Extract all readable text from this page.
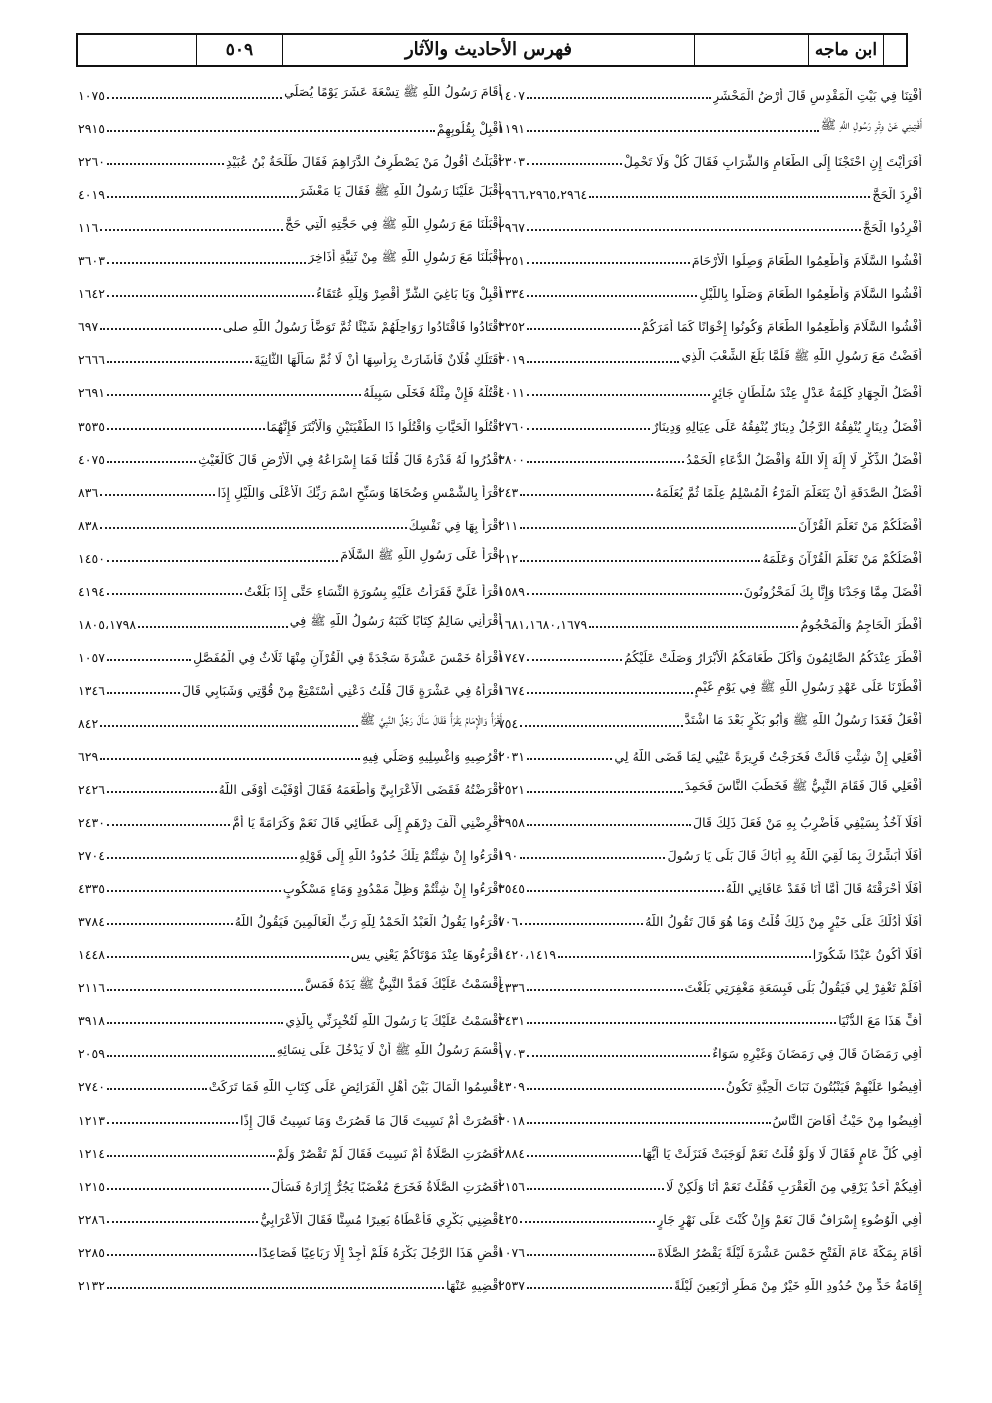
ابن ماجه
فهرس الأحاديث والآثار
٥٠٩
أَفْتِنَا فِي بَيْتِ الْمَقْدِسِ قَالَ أَرْضُ الْمَحْشَرِ
١٤٠٧
أَفْتِينِي عَنْ وِتْرِ رَسُولِ اللَّهِ ﷺ
١١٩١
أَفَرَأَيْتَ إِنِ احْتَجْنَا إِلَى الطَّعَامِ وَالشَّرَابِ فَقَالَ كُلْ وَلَا تَحْمِلْ
٢٣٠٣
أَفْرِدَ الْحَجَّ
٢٩٦٦،٢٩٦٥،٢٩٦٤
أَفْرِدُوا الْحَجَّ
٢٩٦٧
أَفْشُوا السَّلَامَ وَأَطْعِمُوا الطَّعَامَ وَصِلُوا الْأَرْحَامَ
٣٢٥١
أَفْشُوا السَّلَامَ وَأَطْعِمُوا الطَّعَامَ وَصَلُّوا بِاللَّيْلِ
١٣٣٤
أَفْشُوا السَّلَامَ وَأَطْعِمُوا الطَّعَامَ وَكُونُوا إِخْوَانًا كَمَا أَمَرَكُمْ
٣٢٥٢
أَفَضْتُ مَعَ رَسُولِ اللَّهِ ﷺ فَلَمَّا بَلَغَ الشِّعْبَ الَّذِي
٣٠١٩
أَفْضَلُ الْجِهَادِ كَلِمَةُ عَدْلٍ عِنْدَ سُلْطَانٍ جَائِرٍ
٤٠١١
أَفْضَلُ دِينَارٍ يُنْفِقُهُ الرَّجُلُ دِينَارٌ يُنْفِقُهُ عَلَى عِيَالِهِ وَدِينَارٌ
٢٧٦٠
أَفْضَلُ الذِّكْرِ لَا إِلَهَ إِلَّا اللَّهُ وَأَفْضَلُ الدُّعَاءِ الْحَمْدُ
٣٨٠٠
أَفْضَلُ الصَّدَقَةِ أَنْ يَتَعَلَّمَ الْمَرْءُ الْمُسْلِمُ عِلْمًا ثُمَّ يُعَلِّمَهُ
٢٤٣
أَفْضَلُكُمْ مَنْ تَعَلَّمَ الْقُرْآنَ
٢١١
أَفْضَلُكُمْ مَنْ تَعَلَّمَ الْقُرْآنَ وَعَلَّمَهُ
٢١٢
أَفْضَلَ مِمَّا وَجَدْنَا وَإِنَّا بِكَ لَمَحْزُونُونَ
١٥٨٩
أَفْطَرَ الْحَاجِمُ وَالْمَحْجُومُ
١٦٨١،١٦٨٠،١٦٧٩
أَفْطَرَ عِنْدَكُمُ الصَّائِمُونَ وَأَكَلَ طَعَامَكُمُ الْأَبْرَارُ وَصَلَّتْ عَلَيْكُمُ
١٧٤٧
أَفْطَرْنَا عَلَى عَهْدِ رَسُولِ اللَّهِ ﷺ فِي يَوْمِ غَيْمٍ
١٦٧٤
أَفْعَلُ فَغَدَا رَسُولُ اللَّهِ ﷺ وَأَبُو بَكْرٍ بَعْدَ مَا اشْتَدَّ
٧٥٤
أَفْعَلِي إِنْ شِئْتِ قَالَتْ فَخَرَجْتُ قَرِيرَةً عَيْنِي لِمَا قَضَى اللَّهُ لِي
٢٠٣١
أَفْعَلِي قَالَ فَقَامَ النَّبِيُّ ﷺ فَخَطَبَ النَّاسَ فَحَمِدَ
٢٥٢١
أَفَلَا آخُذُ بِسَيْفِي فَأَضْرِبُ بِهِ مَنْ فَعَلَ ذَلِكَ قَالَ
٣٩٥٨
أَفَلَا أُبَشِّرُكَ بِمَا لَقِيَ اللَّهُ بِهِ أَبَاكَ قَالَ بَلَى يَا رَسُولَ
١٩٠
أَفَلَا أَحْرَقْتَهُ قَالَ أَمَّا أَنَا فَقَدْ عَافَانِي اللَّهُ
٣٥٤٥
أَفَلَا أَدُلُّكَ عَلَى خَيْرٍ مِنْ ذَلِكَ قُلْتُ وَمَا هُوَ قَالَ تَقُولُ اللَّهُ
٧٠٦
أَفَلَا أَكُونُ عَبْدًا شَكُورًا
١٤٢٠،١٤١٩
أَفَلَمْ تَغْفِرْ لِي فَيَقُولُ بَلَى فَبِسَعَةِ مَغْفِرَتِي بَلَغْتَ
٤٣٣٦
أُفٍّ هَذَا مَعَ الدُّنْيَا
٣٤٣١
أَفِي رَمَضَانَ قَالَ فِي رَمَضَانَ وَغَيْرِهِ سَوَاءٌ
١٧٠٣
أَفِيضُوا عَلَيْهِمْ فَيَنْبُتُونَ نَبَاتَ الْحِبَّةِ تَكُونُ
٤٣٠٩
أَفِيضُوا مِنْ حَيْثُ أَفَاضَ النَّاسُ
٣٠١٨
أَفِي كُلِّ عَامٍ فَقَالَ لَا وَلَوْ قُلْتُ نَعَمْ لَوَجَبَتْ فَنَزَلَتْ يَا أَيُّهَا
٢٨٨٤
أَفِيكُمْ أَحَدٌ يَرْقِي مِنَ الْعَقْرَبِ فَقُلْتُ نَعَمْ أَنَا وَلَكِنْ لَا
٢١٥٦
أَفِي الْوُضُوءِ إِسْرَافٌ قَالَ نَعَمْ وَإِنْ كُنْتَ عَلَى نَهْرٍ جَارٍ
٤٢٥
أَقَامَ بِمَكَّةَ عَامَ الْفَتْحِ خَمْسَ عَشْرَةَ لَيْلَةً يَقْصُرُ الصَّلَاةَ
١٠٧٦
إِقَامَةُ حَدٍّ مِنْ حُدُودِ اللَّهِ خَيْرٌ مِنْ مَطَرِ أَرْبَعِينَ لَيْلَةً
٢٥٣٧
أَقَامَ رَسُولُ اللَّهِ ﷺ تِسْعَةَ عَشَرَ يَوْمًا يُصَلِّي
١٠٧٥
أَقْبِلْ بِقُلُوبِهِمْ
٢٩١٥
أَقْبَلْتُ أَقُولُ مَنْ يَصْطَرِفُ الدَّرَاهِمَ فَقَالَ طَلْحَةُ بْنُ عُبَيْدِ
٢٢٦٠
أَقْبَلَ عَلَيْنَا رَسُولُ اللَّهِ ﷺ فَقَالَ يَا مَعْشَرَ
٤٠١٩
أَقْبَلْنَا مَعَ رَسُولِ اللَّهِ ﷺ فِي حَجَّتِهِ الَّتِي حَجَّ
١١٦
أَقْبَلْنَا مَعَ رَسُولِ اللَّهِ ﷺ مِنْ ثَنِيَّةِ أَذَاخِرَ
٣٦٠٣
أَقْبِلْ وَيَا بَاغِيَ الشَّرِّ أَقْصِرْ وَلِلَّهِ عُتَقَاءُ
١٦٤٢
اقْتَادُوا فَاقْتَادُوا رَوَاحِلَهُمْ شَيْئًا ثُمَّ تَوَضَّأَ رَسُولُ اللَّهِ صلى
٦٩٧
أَقَتَلَكِ فُلَانٌ فَأَشَارَتْ بِرَأْسِهَا أَنْ لَا ثُمَّ سَأَلَهَا الثَّانِيَةَ
٢٦٦٦
اقْتُلْهُ فَإِنْ مِثْلَهُ فَخَلَّى سَبِيلَهُ
٢٦٩١
اقْتُلُوا الْحَيَّاتِ وَاقْتُلُوا ذَا الطُّفْيَتَيْنِ وَالْأَبْتَرَ فَإِنَّهُمَا
٣٥٣٥
اقْدُرُوا لَهُ قَدْرَهُ قَالَ قُلْنَا فَمَا إِسْرَاعُهُ فِي الْأَرْضِ قَالَ كَالْغَيْثِ
٤٠٧٥
اقْرَأْ بِالشَّمْسِ وَضُحَاهَا وَسَبِّحِ اسْمَ رَبِّكَ الْأَعْلَى وَاللَّيْلِ إِذَا
٨٣٦
اقْرَأْ بِهَا فِي نَفْسِكَ
٨٣٨
اقْرَأْ عَلَى رَسُولِ اللَّهِ ﷺ السَّلَامَ
١٤٥٠
اقْرَأْ عَلَيَّ فَقَرَأْتُ عَلَيْهِ بِسُورَةِ النِّسَاءِ حَتَّى إِذَا بَلَغْتُ
٤١٩٤
أَقْرَأَنِي سَالِمٌ كِتَابًا كَتَبَهُ رَسُولُ اللَّهِ ﷺ فِي
١٨٠٥،١٧٩٨
أَقْرَأَهُ خَمْسَ عَشْرَةَ سَجْدَةً فِي الْقُرْآنِ مِنْهَا ثَلَاثٌ فِي الْمُفَصَّلِ
١٠٥٧
اقْرَأْهُ فِي عَشْرَةٍ قَالَ قُلْتُ دَعْنِي أَسْتَمْتِعْ مِنْ قُوَّتِي وَشَبَابِي قَالَ
١٣٤٦
أَقْرَأُ وَالْإِمَامُ يَقْرَأُ فَقَالَ سَأَلَ رَجُلٌ النَّبِيَّ ﷺ
٨٤٢
اقْرُصِيهِ وَاغْسِلِيهِ وَصَلِّي فِيهِ
٦٢٩
أَقْرَضْتُهُ فَقَضَى الْأَعْرَابِيَّ وَأَطْعَمَهُ فَقَالَ أَوْفَيْتَ أَوْفَى اللَّهُ
٢٤٢٦
أَقْرِضْنِي أَلْفَ دِرْهَمٍ إِلَى عَطَائِي قَالَ نَعَمْ وَكَرَامَةً يَا أُمَّ
٢٤٣٠
اقْرَءُوا إِنْ شِئْتُمْ تِلْكَ حُدُودُ اللَّهِ إِلَى قَوْلِهِ
٢٧٠٤
اقْرَءُوا إِنْ شِئْتُمْ وَظِلٍّ مَمْدُودٍ وَمَاءٍ مَسْكُوبٍ
٤٣٣٥
اقْرَءُوا يَقُولُ الْعَبْدُ الْحَمْدُ لِلَّهِ رَبِّ الْعَالَمِينَ فَيَقُولُ اللَّهُ
٣٧٨٤
اقْرَءُوهَا عِنْدَ مَوْتَاكُمْ يَعْنِي يس
١٤٤٨
أَقْسَمْتُ عَلَيْكَ فَمَدَّ النَّبِيُّ ﷺ يَدَهُ فَمَسَّ
٢١١٦
أَقْسَمْتُ عَلَيْكَ يَا رَسُولَ اللَّهِ لَتُخْبِرَنِّي بِالَّذِي
٣٩١٨
أَقْسَمَ رَسُولُ اللَّهِ ﷺ أَنْ لَا يَدْخُلَ عَلَى نِسَائِهِ
٢٠٥٩
اقْسِمُوا الْمَالَ بَيْنَ أَهْلِ الْفَرَائِضِ عَلَى كِتَابِ اللَّهِ فَمَا تَرَكَتْ
٢٧٤٠
أَقَصُرَتْ أَمْ نَسِيتَ قَالَ مَا قَصُرَتْ وَمَا نَسِيتُ قَالَ إِذًا
١٢١٣
أَقَصُرَتِ الصَّلَاةُ أَمْ نَسِيتَ فَقَالَ لَمْ تَقْصُرْ وَلَمْ
١٢١٤
أَقَصُرَتِ الصَّلَاةُ فَخَرَجَ مُغْضَبًا يَجُرُّ إِزَارَهُ فَسَأَلَ
١٢١٥
اقْضِنِي بَكْرِي فَأَعْطَاهُ بَعِيرًا مُسِنًّا فَقَالَ الْأَعْرَابِيُّ
٢٢٨٦
اقْضِ هَذَا الرَّجُلَ بَكْرَهُ فَلَمْ أَجِدْ إِلَّا رَبَاعِيًا فَصَاعِدًا
٢٢٨٥
اقْضِيهِ عَنْهَا
٢١٣٢
